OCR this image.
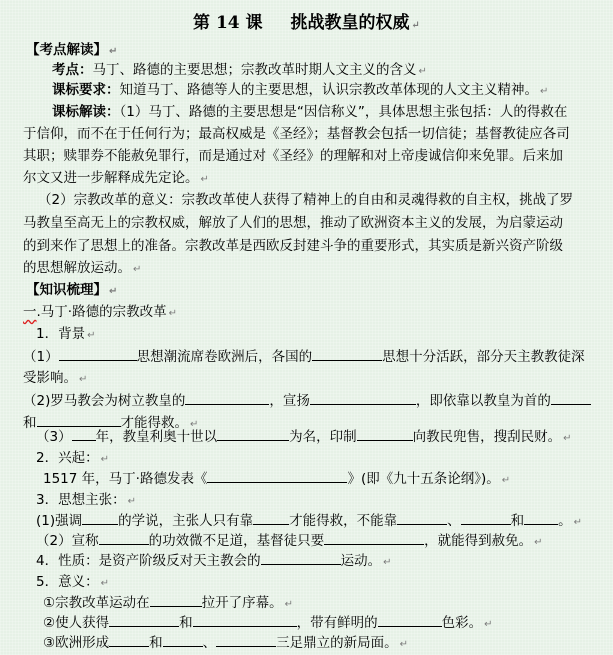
第 14 课 挑战教皇的权威 ↵
【考点解读】 ↵
考点：马丁、路德的主要思想；宗教改革时期人文主义的含义 ↵
课标要求：知道马丁、路德等人的主要思想，认识宗教改革体现的人文主义精神。 ↵
课标解读：（1）马丁、路德的主要思想是“因信称义”，具体思想主张包括：人的得救在
于信仰，而不在于任何行为；最高权威是《圣经》；基督教会包括一切信徒；基督教徒应各司
其职；赎罪券不能赦免罪行，而是通过对《圣经》的理解和对上帝虔诚信仰来免罪。后来加
尔文又进一步解释成先定论。 ↵
（2）宗教改革的意义：宗教改革使人获得了精神上的自由和灵魂得救的自主权，挑战了罗
马教皇至高无上的宗教权威，解放了人们的思想，推动了欧洲资本主义的发展，为启蒙运动
的到来作了思想上的准备。宗教改革是西欧反封建斗争的重要形式，其实质是新兴资产阶级
的思想解放运动。 ↵
【知识梳理】 ↵
一.马丁·路德的宗教改革 ↵
1．背景 ↵
（1）	思想潮流席卷欧洲后，各国的	思想十分活跃，部分天主教教徒深
受影响。 ↵
（2)罗马教会为树立教皇的	，宣扬	，即依靠以教皇为首的
和	才能得救。 ↵
（3） 年，教皇利奥十世以	为名，印制	向教民兜售，搜刮民财。 ↵
2．兴起： ↵
1517 年，马丁·路德发表《	》(即《九十五条论纲》)。 ↵
3．思想主张： ↵
(1)强调	的学说，主张人只有靠	才能得救，不能靠	、	和	。 ↵
（2）宣称	的功效微不足道，基督徒只要	，就能得到赦免。 ↵
4．性质：是资产阶级反对天主教会的	运动。 ↵
5．意义： ↵
①宗教改革运动在	拉开了序幕。 ↵
②使人获得	和	，带有鲜明的	色彩。 ↵
③欧洲形成	和	、	三足鼎立的新局面。 ↵
